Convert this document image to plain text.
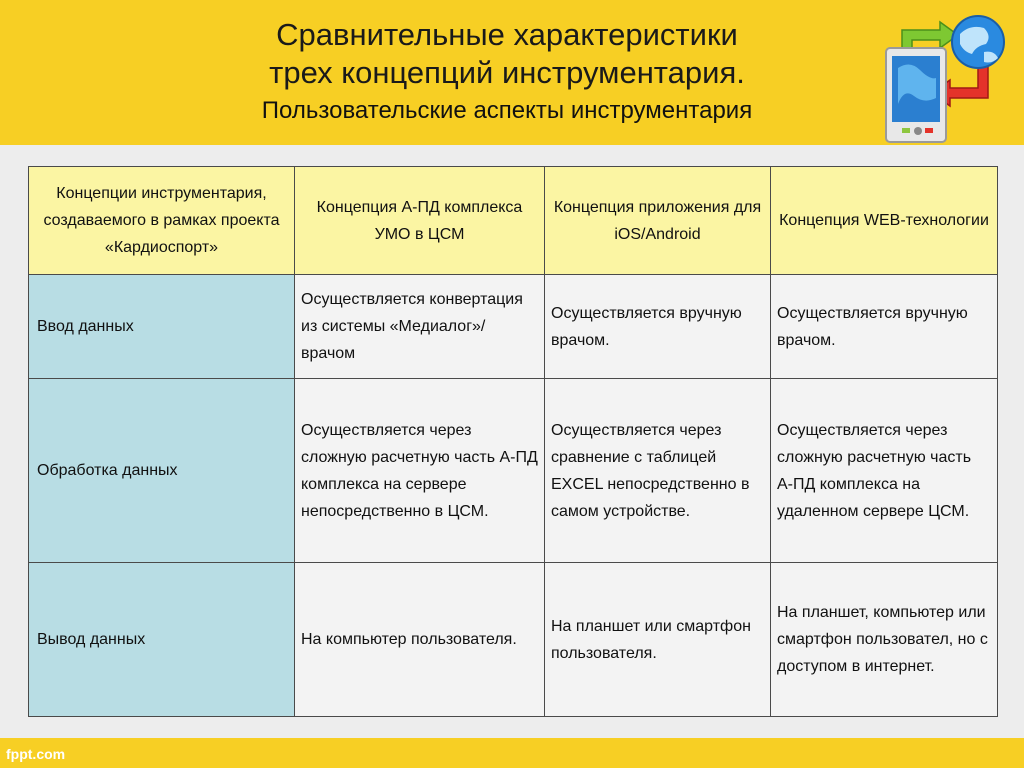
Сравнительные характеристики
трех концепций инструментария.
Пользовательские аспекты инструментария
Концепции инструментария, создаваемого в рамках проекта «Кардиоспорт»	Концепция А-ПД комплекса УМО в ЦСМ	Концепция приложения для iOS/Android	Концепция WEB-технологии
Ввод данных	Осуществляется конвертация из системы «Медиалог»/врачом	Осуществляется вручную врачом.	Осуществляется вручную врачом.
Обработка данных	Осуществляется через сложную расчетную часть А-ПД комплекса на сервере непосредственно в ЦСМ.	Осуществляется через сравнение с таблицей EXCEL непосредственно в самом устройстве.	Осуществляется через сложную расчетную часть А-ПД комплекса на удаленном сервере ЦСМ.
Вывод данных	На компьютер пользователя.	На планшет или смартфон пользователя.	На планшет, компьютер или смартфон пользовател, но с доступом в интернет.
fppt.com
